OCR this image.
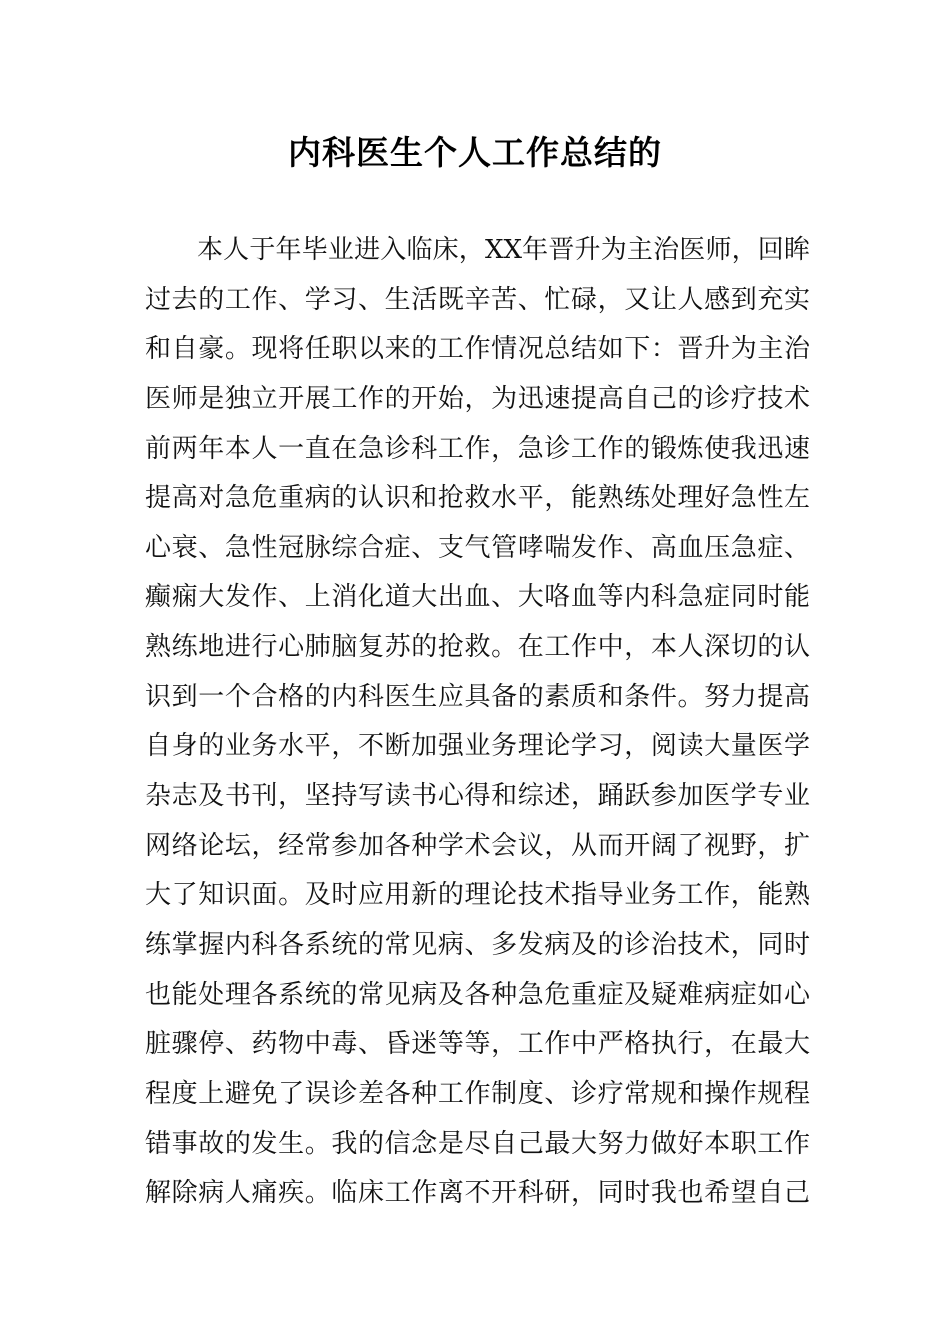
内科医生个人工作总结的
本人于年毕业进入临床，XX年晋升为主治医师，回眸
过去的工作、学习、生活既辛苦、忙碌，又让人感到充实
和自豪。现将任职以来的工作情况总结如下：晋升为主治
医师是独立开展工作的开始，为迅速提高自己的诊疗技术
前两年本人一直在急诊科工作，急诊工作的锻炼使我迅速
提高对急危重病的认识和抢救水平，能熟练处理好急性左
心衰、急性冠脉综合症、支气管哮喘发作、高血压急症、
癫痫大发作、上消化道大出血、大咯血等内科急症同时能
熟练地进行心肺脑复苏的抢救。在工作中，本人深切的认
识到一个合格的内科医生应具备的素质和条件。努力提高
自身的业务水平，不断加强业务理论学习，阅读大量医学
杂志及书刊，坚持写读书心得和综述，踊跃参加医学专业
网络论坛，经常参加各种学术会议，从而开阔了视野，扩
大了知识面。及时应用新的理论技术指导业务工作，能熟
练掌握内科各系统的常见病、多发病及的诊治技术，同时
也能处理各系统的常见病及各种急危重症及疑难病症如心
脏骤停、药物中毒、昏迷等等，工作中严格执行，在最大
程度上避免了误诊差各种工作制度、诊疗常规和操作规程
错事故的发生。我的信念是尽自己最大努力做好本职工作
解除病人痛疾。临床工作离不开科研，同时我也希望自己
